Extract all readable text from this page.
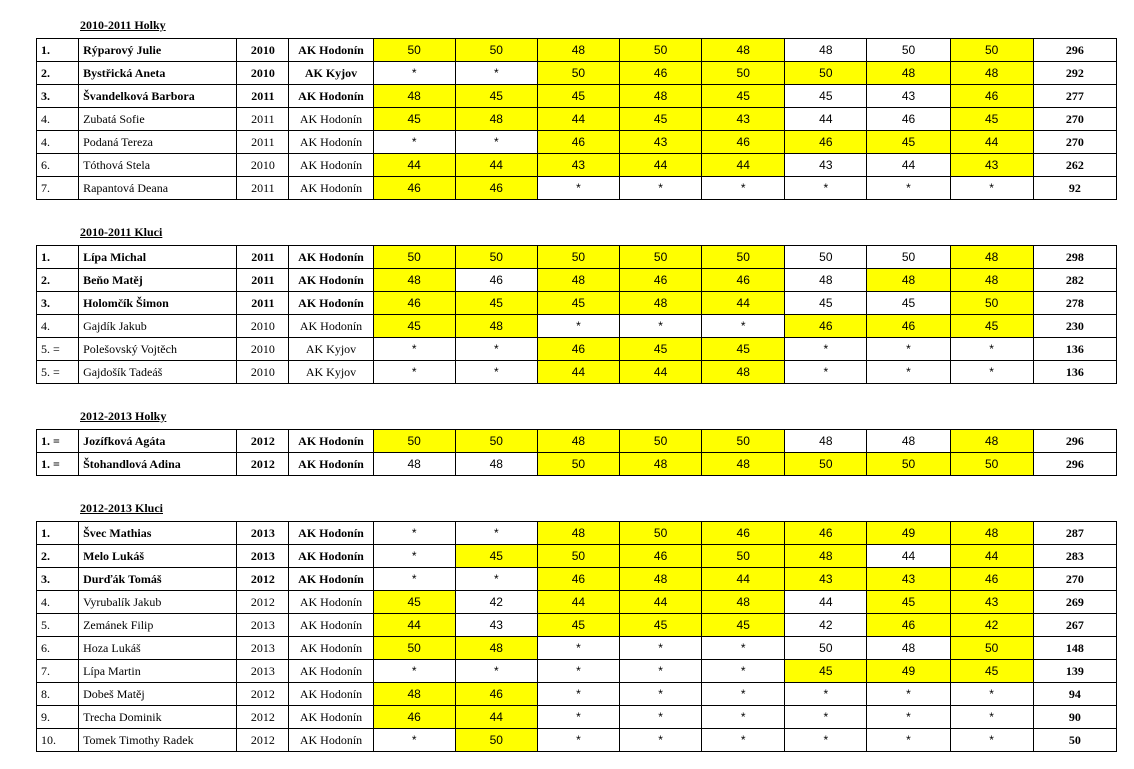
2010-2011 Holky
1.	Rýparový Julie	2010	AK Hodonín	50	50	48	50	48	48	50	50	296
2.	Bystřická Aneta	2010	AK Kyjov	*	*	50	46	50	50	48	48	292
3.	Švandelková Barbora	2011	AK Hodonín	48	45	45	48	45	45	43	46	277
4.	Zubatá Sofie	2011	AK Hodonín	45	48	44	45	43	44	46	45	270
4.	Podaná Tereza	2011	AK Hodonín	*	*	46	43	46	46	45	44	270
6.	Tóthová Stela	2010	AK Hodonín	44	44	43	44	44	43	44	43	262
7.	Rapantová Deana	2011	AK Hodonín	46	46	*	*	*	*	*	*	92
2010-2011 Kluci
1.	Lípa Michal	2011	AK Hodonín	50	50	50	50	50	50	50	48	298
2.	Beňo Matěj	2011	AK Hodonín	48	46	48	46	46	48	48	48	282
3.	Holomčík Šimon	2011	AK Hodonín	46	45	45	48	44	45	45	50	278
4.	Gajdík Jakub	2010	AK Hodonín	45	48	*	*	*	46	46	45	230
5. =	Polešovský Vojtěch	2010	AK Kyjov	*	*	46	45	45	*	*	*	136
5. =	Gajdošík Tadeáš	2010	AK Kyjov	*	*	44	44	48	*	*	*	136
2012-2013 Holky
1. =	Jozífková Agáta	2012	AK Hodonín	50	50	48	50	50	48	48	48	296
1. =	Štohandlová Adina	2012	AK Hodonín	48	48	50	48	48	50	50	50	296
2012-2013 Kluci
1.	Švec Mathias	2013	AK Hodonín	*	*	48	50	46	46	49	48	287
2.	Melo Lukáš	2013	AK Hodonín	*	45	50	46	50	48	44	44	283
3.	Durďák Tomáš	2012	AK Hodonín	*	*	46	48	44	43	43	46	270
4.	Vyrubalík Jakub	2012	AK Hodonín	45	42	44	44	48	44	45	43	269
5.	Zemánek Filip	2013	AK Hodonín	44	43	45	45	45	42	46	42	267
6.	Hoza Lukáš	2013	AK Hodonín	50	48	*	*	*	50	48	50	148
7.	Lípa Martin	2013	AK Hodonín	*	*	*	*	*	45	49	45	139
8.	Dobeš Matěj	2012	AK Hodonín	48	46	*	*	*	*	*	*	94
9.	Trecha Dominik	2012	AK Hodonín	46	44	*	*	*	*	*	*	90
10.	Tomek Timothy Radek	2012	AK Hodonín	*	50	*	*	*	*	*	*	50
